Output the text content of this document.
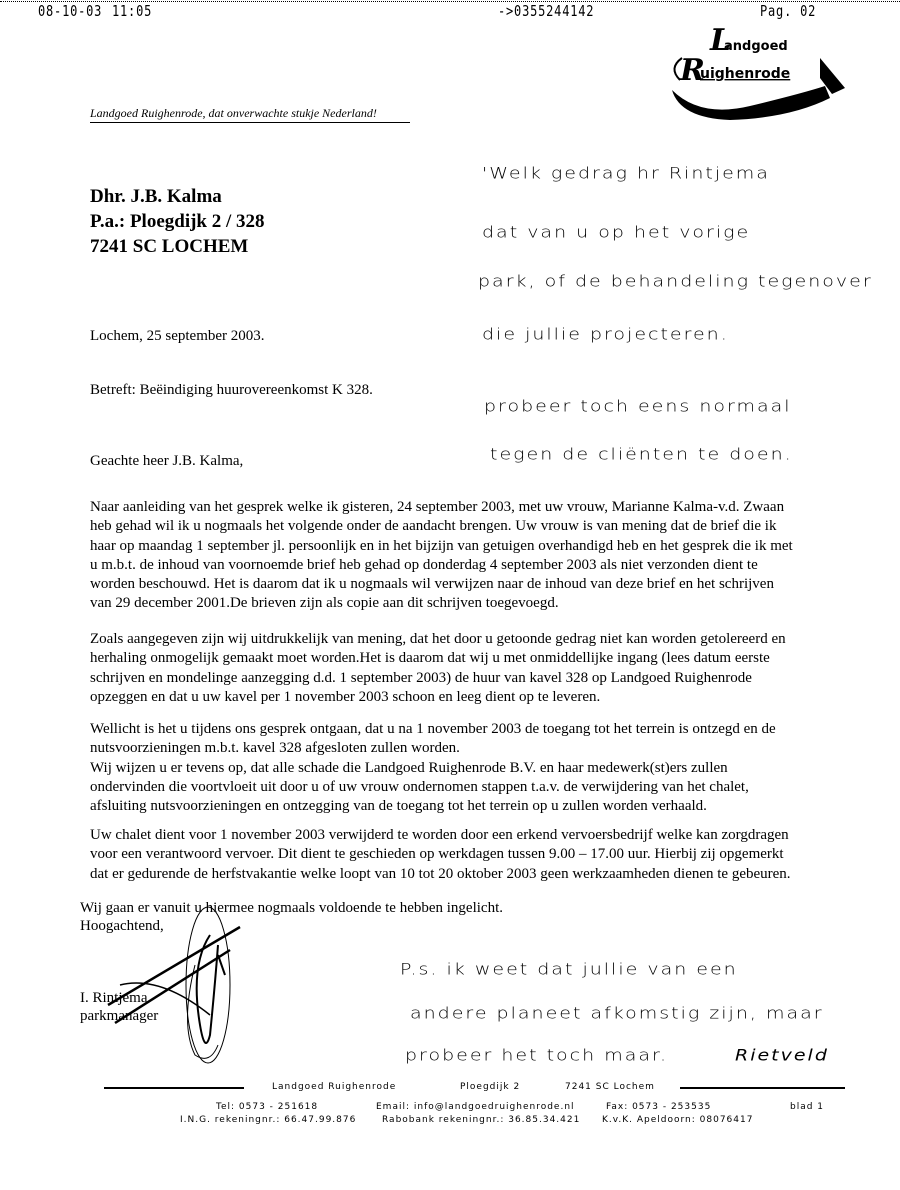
08-10-03 11:05	->0355244142	Pag. 02
L
andgoed
R
uighenrode
Landgoed Ruighenrode, dat onverwachte stukje Nederland!
Dhr. J.B. Kalma
P.a.: Ploegdijk 2 / 328
7241 SC LOCHEM
Lochem, 25 september 2003.
Betreft: Beëindiging huurovereenkomst K 328.
Geachte heer J.B. Kalma,
Naar aanleiding van het gesprek welke ik gisteren, 24 september 2003, met uw vrouw, Marianne Kalma-v.d. Zwaan
heb gehad wil ik u nogmaals het volgende onder de aandacht brengen. Uw vrouw is van mening dat de brief die ik
haar op maandag 1 september jl. persoonlijk en in het bijzijn van getuigen overhandigd heb en het gesprek die ik met
u m.b.t. de inhoud van voornoemde brief heb gehad op donderdag 4 september 2003 als niet verzonden dient te
worden beschouwd. Het is daarom dat ik u nogmaals wil verwijzen naar de inhoud van deze brief en het schrijven
van 29 december 2001.De brieven zijn als copie aan dit schrijven toegevoegd.
Zoals aangegeven zijn wij uitdrukkelijk van mening, dat het door u getoonde gedrag niet kan worden getolereerd en
herhaling onmogelijk gemaakt moet worden.Het is daarom dat wij u met onmiddellijke ingang (lees datum eerste
schrijven en mondelinge aanzegging d.d. 1 september 2003) de huur van kavel 328 op Landgoed Ruighenrode
opzeggen en dat u uw kavel per 1 november 2003 schoon en leeg dient op te leveren.
Wellicht is het u tijdens ons gesprek ontgaan, dat u na 1 november 2003 de toegang tot het terrein is ontzegd en de
nutsvoorzieningen m.b.t. kavel 328 afgesloten zullen worden.
Wij wijzen u er tevens op, dat alle schade die Landgoed Ruighenrode B.V. en haar medewerk(st)ers zullen
ondervinden die voortvloeit uit door u of uw vrouw ondernomen stappen t.a.v. de verwijdering van het chalet,
afsluiting nutsvoorzieningen en ontzegging van de toegang tot het terrein op u zullen worden verhaald.
Uw chalet dient voor 1 november 2003 verwijderd te worden door een erkend vervoersbedrijf welke kan zorgdragen
voor een verantwoord vervoer. Dit dient te geschieden op werkdagen tussen 9.00 – 17.00 uur. Hierbij zij opgemerkt
dat er gedurende de herfstvakantie welke loopt van 10 tot 20 oktober 2003 geen werkzaamheden dienen te gebeuren.
Wij gaan er vanuit u hiermee nogmaals voldoende te hebben ingelicht.
Hoogachtend,
I. Rintjema
parkmanager
'Welk gedrag hr Rintjema
dat van u op het vorige
park, of de behandeling tegenover
die jullie projecteren.
probeer toch eens normaal
tegen de cliënten te doen.
P.s. ik weet dat jullie van een
andere planeet afkomstig zijn, maar
probeer het toch maar.	Rietveld
Landgoed Ruighenrode	Ploegdijk 2	7241 SC Lochem
Tel: 0573 - 251618	Email: info@landgoedruighenrode.nl	Fax: 0573 - 253535	blad 1
I.N.G. rekeningnr.: 66.47.99.876	Rabobank rekeningnr.: 36.85.34.421 K.v.K. Apeldoorn: 08076417
